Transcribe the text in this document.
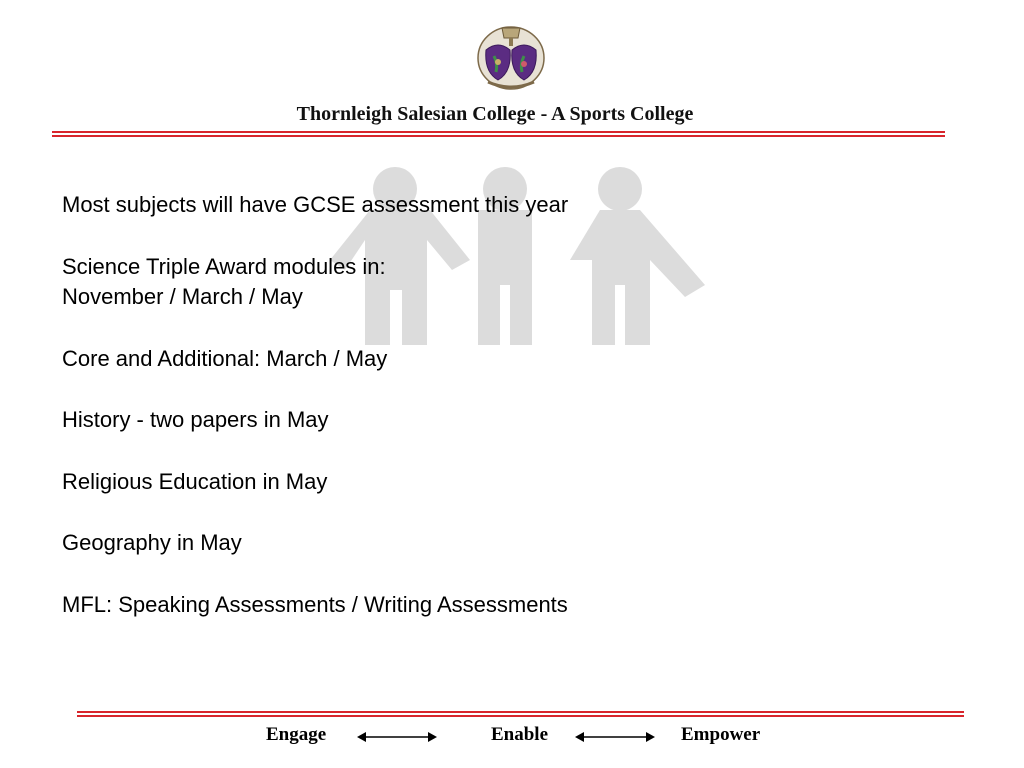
Thornleigh Salesian College - A Sports College
Most subjects will have GCSE assessment this year
Science Triple Award modules in:
November / March / May
Core and Additional: March / May
History - two papers in May
Religious Education in May
Geography in May
MFL: Speaking Assessments / Writing Assessments
Engage	Enable	Empower
